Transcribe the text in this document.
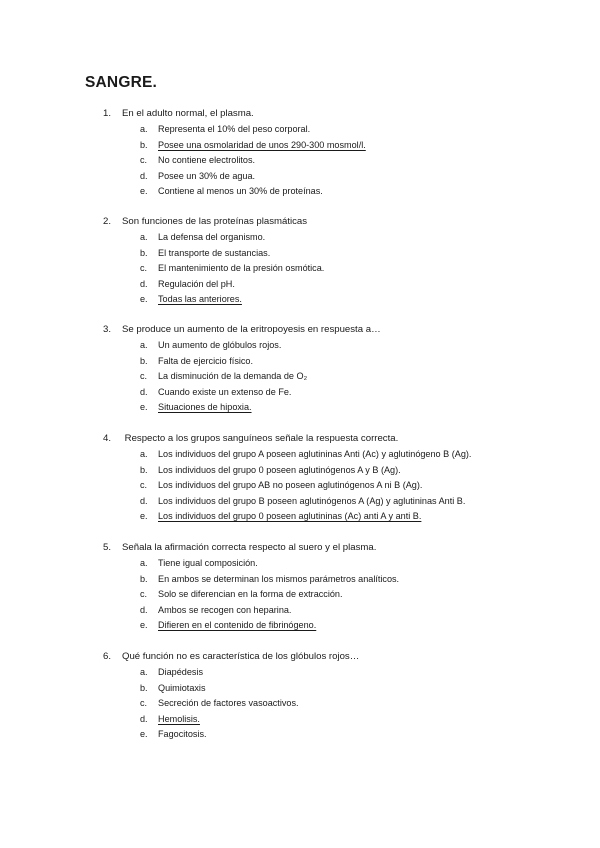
SANGRE.
1. En el adulto normal, el plasma.
a. Representa el 10% del peso corporal.
b. Posee una osmolaridad de unos 290-300 mosmol/l.
c. No contiene electrolitos.
d. Posee un 30% de agua.
e. Contiene al menos un 30% de proteínas.
2. Son funciones de las proteínas plasmáticas
a. La defensa del organismo.
b. El transporte de sustancias.
c. El mantenimiento de la presión osmótica.
d. Regulación del pH.
e. Todas las anteriores.
3. Se produce un aumento de la eritropoyesis en respuesta a…
a. Un aumento de glóbulos rojos.
b. Falta de ejercicio físico.
c. La disminución de la demanda de O₂
d. Cuando existe un extenso de Fe.
e. Situaciones de hipoxia.
4. Respecto a los grupos sanguíneos señale la respuesta correcta.
a. Los individuos del grupo A poseen aglutininas Anti (Ac) y aglutinógeno B (Ag).
b. Los individuos del grupo 0 poseen aglutinógenos A y B (Ag).
c. Los individuos del grupo AB no poseen aglutinógenos A ni B (Ag).
d. Los individuos del grupo B poseen aglutinógenos A (Ag) y aglutininas Anti B.
e. Los individuos del grupo 0 poseen aglutininas (Ac) anti A y anti B.
5. Señala la afirmación correcta respecto al suero y el plasma.
a. Tiene igual composición.
b. En ambos se determinan los mismos parámetros analíticos.
c. Solo se diferencian en la forma de extracción.
d. Ambos se recogen con heparina.
e. Difieren en el contenido de fibrinógeno.
6. Qué función no es característica de los glóbulos rojos…
a. Diapédesis
b. Quimiotaxis
c. Secreción de factores vasoactivos.
d. Hemolisis.
e. Fagocitosis.
